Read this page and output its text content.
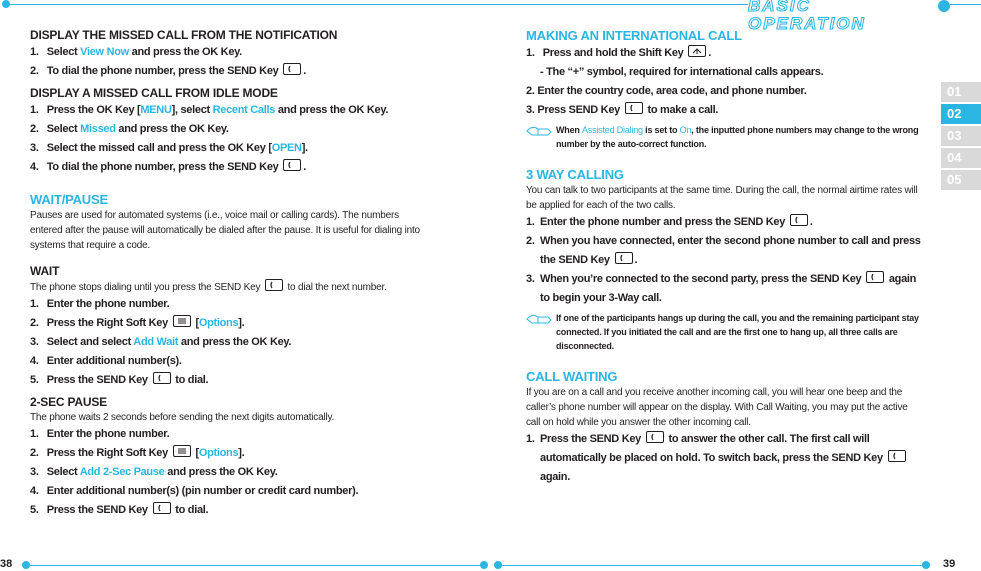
BASIC OPERATION
01
02
03
04
05
DISPLAY THE MISSED CALL FROM THE NOTIFICATION
1. Select View Now and press the OK Key.
2. To dial the phone number, press the SEND Key
.
DISPLAY A MISSED CALL FROM IDLE MODE
1. Press the OK Key [MENU], select Recent Calls and press the OK Key.
2. Select Missed and press the OK Key.
3. Select the missed call and press the OK Key [OPEN].
4. To dial the phone number, press the SEND Key
.
WAIT/PAUSE
Pauses are used for automated systems (i.e., voice mail or calling cards). The numbers entered after the pause will automatically be dialed after the pause. It is useful for dialing into systems that require a code.
WAIT
The phone stops dialing until you press the SEND Key
to dial the next number.
1. Enter the phone number.
2. Press the Right Soft Key
[Options].
3. Select and select Add Wait and press the OK Key.
4. Enter additional number(s).
5. Press the SEND Key
to dial.
2-SEC PAUSE
The phone waits 2 seconds before sending the next digits automatically.
1. Enter the phone number.
2. Press the Right Soft Key
[Options].
3. Select Add 2-Sec Pause and press the OK Key.
4. Enter additional number(s) (pin number or credit card number).
5. Press the SEND Key
to dial.
MAKING AN INTERNATIONAL CALL
1. Press and hold the Shift Key
.
- The “+” symbol, required for international calls appears.
2. Enter the country code, area code, and phone number.
3. Press SEND Key
to make a call.
When Assisted Dialing is set to On, the inputted phone numbers may change to the wrong number by the auto-correct function.
3 WAY CALLING
You can talk to two participants at the same time. During the call, the normal airtime rates will be applied for each of the two calls.
1. Enter the phone number and press the SEND Key
.
2. When you have connected, enter the second phone number to call and press the SEND Key
.
3. When you’re connected to the second party, press the SEND Key
again to begin your 3-Way call.
If one of the participants hangs up during the call, you and the remaining participant stay connected. If you initiated the call and are the first one to hang up, all three calls are disconnected.
CALL WAITING
If you are on a call and you receive another incoming call, you will hear one beep and the caller’s phone number will appear on the display. With Call Waiting, you may put the active call on hold while you answer the other incoming call.
1. Press the SEND Key
to answer the other call. The first call will automatically be placed on hold. To switch back, press the SEND Key
again.
38	39
